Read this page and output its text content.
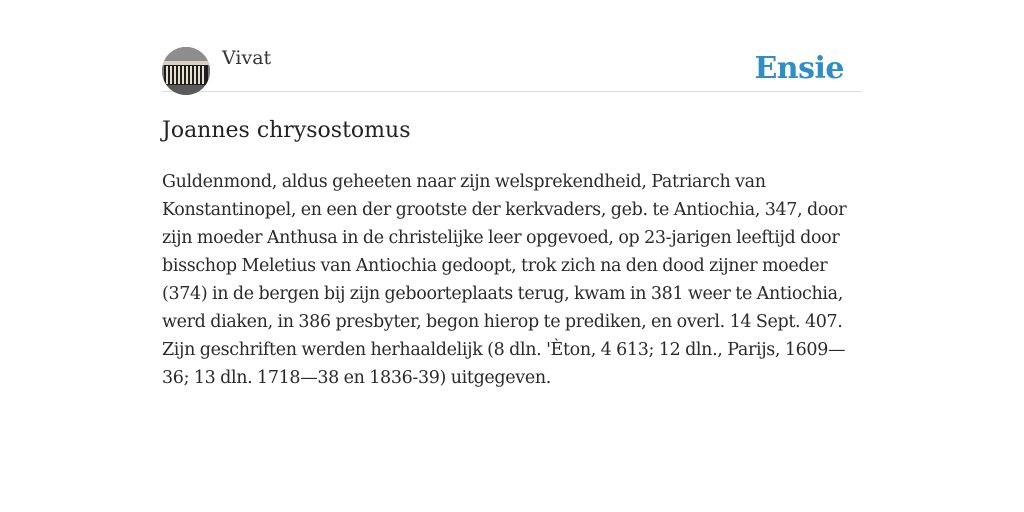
Vivat	Ensie
Joannes chrysostomus

Guldenmond, aldus geheeten naar zijn welsprekendheid, Patriarch van
Konstantinopel, en een der grootste der kerkvaders, geb. te Antiochia, 347, door
zijn moeder Anthusa in de christelijke leer opgevoed, op 23-jarigen leeftijd door
bisschop Meletius van Antiochia gedoopt, trok zich na den dood zijner moeder
(374) in de bergen bij zijn geboorteplaats terug, kwam in 381 weer te Antiochia,
werd diaken, in 386 presbyter, begon hierop te prediken, en overl. 14 Sept. 407.
Zijn geschriften werden herhaaldelijk (8 dln. 'Èton, 4 613; 12 dln., Parijs, 1609—
36; 13 dln. 1718—38 en 1836-39) uitgegeven.
